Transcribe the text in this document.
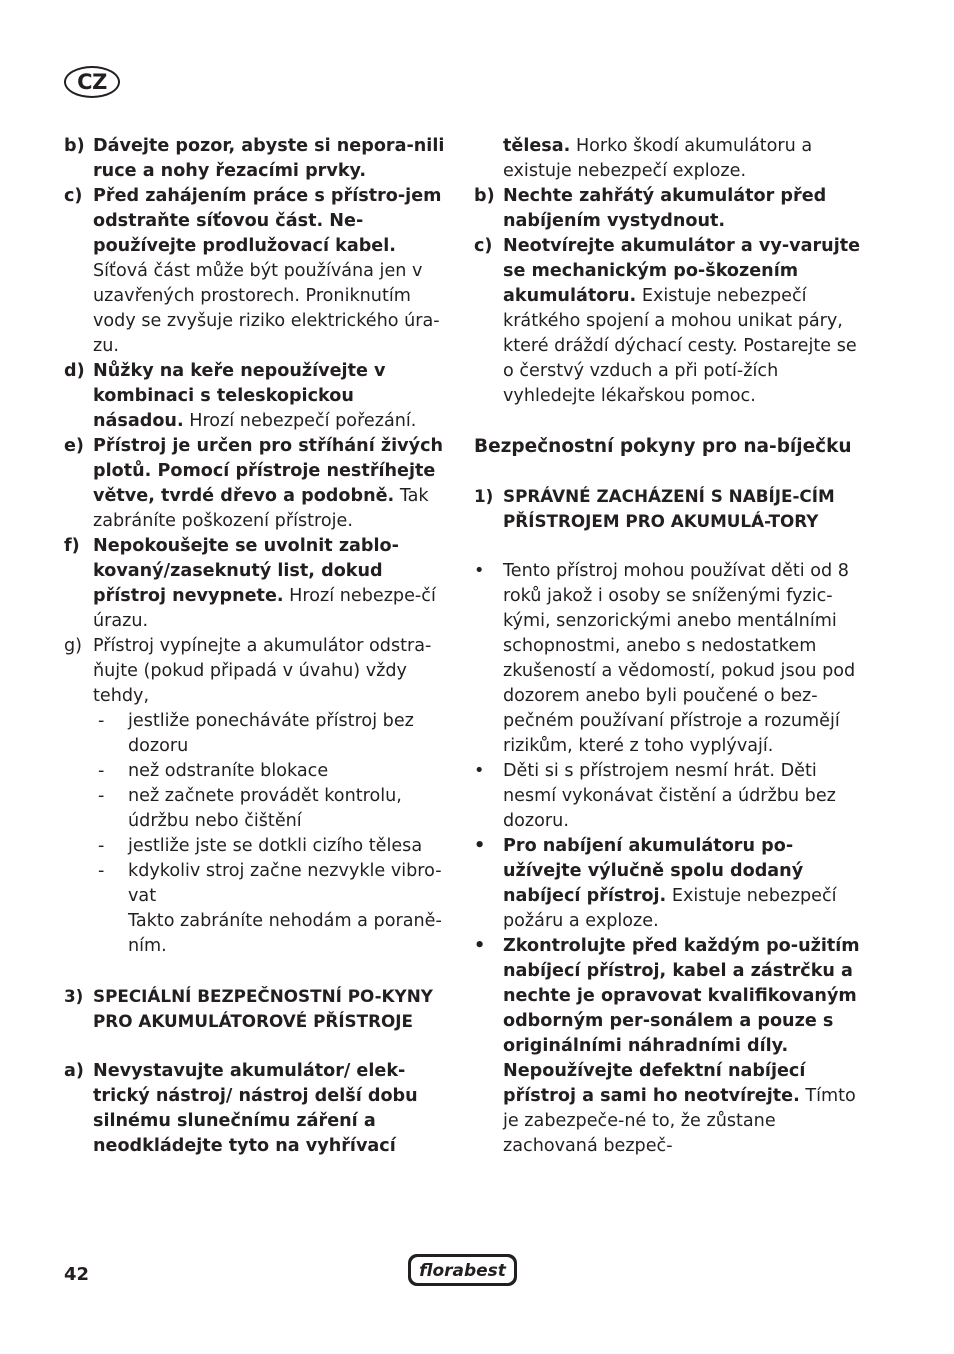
CZ
b) Dávejte pozor, abyste si nepora-nili ruce a nohy řezacími prvky.
c) Před zahájením práce s přístro-jem odstraňte síťovou část. Ne-používejte prodlužovací kabel. Síťová část může být používána jen v uzavřených prostorech. Proniknutím vody se zvyšuje riziko elektrického úra-zu.
d) Nůžky na keře nepoužívejte v kombinaci s teleskopickou násadou. Hrozí nebezpečí pořezání.
e) Přístroj je určen pro stříhání živých plotů. Pomocí přístroje nestříhejte větve, tvrdé dřevo a podobně. Tak zabráníte poškození přístroje.
f) Nepokoušejte se uvolnit zablo-kovaný/zaseknutý list, dokud přístroj nevypnete. Hrozí nebezpe-čí úrazu.
g) Přístroj vypínejte a akumulátor odstra-ňujte (pokud připadá v úvahu) vždy tehdy,
-	jestliže ponecháváte přístroj bez dozoru
-	než odstraníte blokace
-	než začnete provádět kontrolu, údržbu nebo čištění
-	jestliže jste se dotkli cizího tělesa
-	kdykoliv stroj začne nezvykle vibro-vat

Takto zabráníte nehodám a poraně-ním.

3) SPECIÁLNÍ BEZPEČNOSTNÍ PO-KYNY PRO AKUMULÁTOROVÉ PŘÍSTROJE
a) Nevystavujte akumulátor/ elek-trický nástroj/ nástroj delší dobu silnému slunečnímu záření a neodkládejte tyto na vyhřívací
tělesa. Horko škodí akumulátoru a existuje nebezpečí exploze.
b) Nechte zahřátý akumulátor před nabíjením vystydnout.
c) Neotvírejte akumulátor a vy-varujte se mechanickým po-škozením akumulátoru. Existuje nebezpečí krátkého spojení a mohou unikat páry, které dráždí dýchací cesty. Postarejte se o čerstvý vzduch a při potí-žích vyhledejte lékařskou pomoc.

Bezpečnostní pokyny pro na-bíječku

1) SPRÁVNÉ ZACHÁZENÍ S NABÍJE-CÍM PŘÍSTROJEM PRO AKUMULÁ-TORY
•	Tento přístroj mohou používat děti od 8 roků jakož i osoby se sníženými fyzic-kými, senzorickými anebo mentálními schopnostmi, anebo s nedostatkem zkušeností a vědomostí, pokud jsou pod dozorem anebo byli poučené o bez-pečném používaní přístroje a rozumějí rizikům, které z toho vyplývají.
•	Děti si s přístrojem nesmí hrát. Děti nesmí vykonávat čistění a údržbu bez dozoru.
•	Pro nabíjení akumulátoru po-užívejte výlučně spolu dodaný nabíjecí přístroj. Existuje nebezpečí požáru a exploze.
•	Zkontrolujte před každým po-užitím nabíjecí přístroj, kabel a zástrčku a nechte je opravovat kvalifikovaným odborným per-sonálem a pouze s originálními náhradními díly. Nepoužívejte defektní nabíjecí přístroj a sami ho neotvírejte. Tímto je zabezpeče-né to, že zůstane zachovaná bezpeč-
42	florabest
